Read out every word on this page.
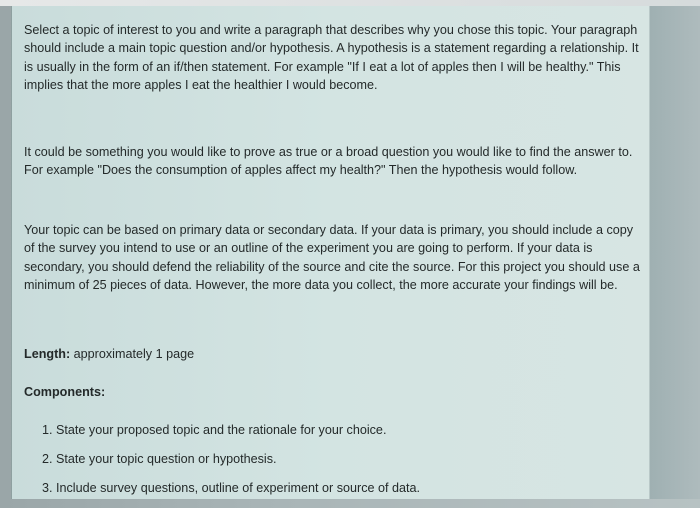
Select a topic of interest to you and write a paragraph that describes why you chose this topic. Your paragraph should include a main topic question and/or hypothesis. A hypothesis is a statement regarding a relationship. It is usually in the form of an if/then statement. For example "If I eat a lot of apples then I will be healthy." This implies that the more apples I eat the healthier I would become.

It could be something you would like to prove as true or a broad question you would like to find the answer to. For example "Does the consumption of apples affect my health?" Then the hypothesis would follow.

Your topic can be based on primary data or secondary data. If your data is primary, you should include a copy of the survey you intend to use or an outline of the experiment you are going to perform. If your data is secondary, you should defend the reliability of the source and cite the source. For this project you should use a minimum of 25 pieces of data. However, the more data you collect, the more accurate your findings will be.

Length: approximately 1 page

Components:

1. State your proposed topic and the rationale for your choice.
2. State your topic question or hypothesis.
3. Include survey questions, outline of experiment or source of data.
